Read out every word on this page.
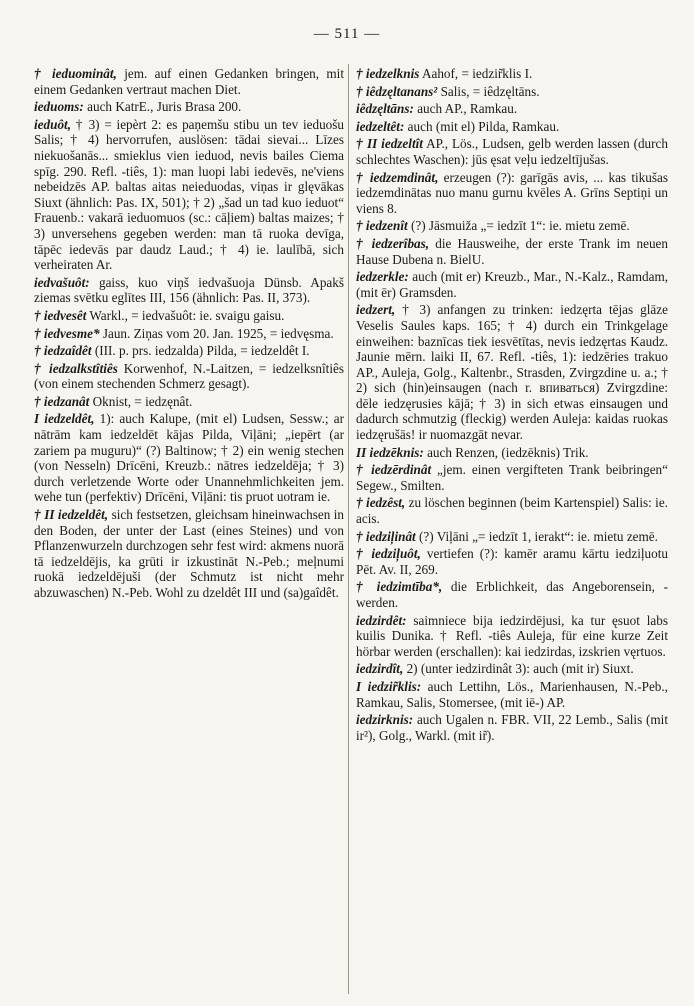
— 511 —

† ieduominât, jem. auf einen Gedanken bringen, mit einem Gedanken vertraut machen Diet.

ieduoms: auch KatrE., Juris Brasa 200.

ieduôt, † 3) = iepèrt 2: es paņemšu stibu un tev ieduošu Salis; † 4) hervorrufen, auslösen: tādai sievai... Līzes niekuošanās... smieklus vien ieduod, nevis bailes Ciema spīg. 290. Refl. -tiês, 1): man luopi labi iedevēs, ne'viens nebeidzēs AP. baltas aitas neieduodas, viņas ir glęvākas Siuxt (ähnlich: Pas. IX, 501); † 2) „šad un tad kuo ieduot“ Frauenb.: vakarā ieduomuos (sc.: cāļiem) baltas maizes; † 3) unversehens gegeben werden: man tā ruoka devīga, tāpēc iedevās par daudz Laud.; † 4) ie. laulībā, sich verheiraten Ar.

iedvašuôt: gaiss, kuo viņš iedvašuoja Dünsb. Apakš ziemas svētku eglītes III, 156 (ähnlich: Pas. II, 373).

† iedvesêt Warkl., = iedvašuôt: ie. svaigu gaisu.

† iedvesme* Jaun. Ziņas vom 20. Jan. 1925, = iedvęsma.

† iedzaîdêt (III. p. prs. iedzalda) Pilda, = iedzeldêt I.

† iedzalkstîtiês Korwenhof, N.-Laitzen, = iedzelksnîtiês (von einem stechenden Schmerz gesagt).

† iedzanât Oknist, = iedzęnât.

I iedzeldêt, 1): auch Kalupe, (mit el) Ludsen, Sessw.; ar nātrām kam iedzeldēt kājas Pilda, Viļāni; „iepērt (ar zariem pa muguru)“ (?) Baltinow; † 2) ein wenig stechen (von Nesseln) Drīcēni, Kreuzb.: nātres iedzeldēja; † 3) durch verletzende Worte oder Unannehmlichkeiten jem. wehe tun (perfektiv) Drīcēni, Viļāni: tis pruot uotram ie.

† II iedzeldêt, sich festsetzen, gleichsam hineinwachsen in den Boden, der unter der Last (eines Steines) und von Pflanzenwurzeln durchzogen sehr fest wird: akmens nuorā tā iedzeldējis, ka grūti ir izkustināt N.-Peb.; meļnumi ruokā iedzeldējuši (der Schmutz ist nicht mehr abzuwaschen) N.-Peb. Wohl zu dzeldêt III und (sa)gaîdêt.

† iedzelknis Aahof, = iedzir̃klis I.

† iêdzęltanans² Salis, = iêdzęltāns.

iêdzęltāns: auch AP., Ramkau.

iedzeltêt: auch (mit el) Pilda, Ramkau.

† II iedzeltît AP., Lös., Ludsen, gelb werden lassen (durch schlechtes Waschen): jūs ęsat veļu iedzeltījušas.

† iedzemdinât, erzeugen (?): garīgās avis, ... kas tikušas iedzemdinātas nuo manu gurnu kvēles A. Grīns Septiņi un viens 8.

† iedzenît (?) Jāsmuiža „= iedzīt 1“: ie. mietu zemē.

† iedzerîbas, die Hausweihe, der erste Trank im neuen Hause Dubena n. BielU.

iedzerkle: auch (mit er) Kreuzb., Mar., N.-Kalz., Ramdam, (mit ēr) Gramsden.

iedzert, † 3) anfangen zu trinken: iedzęrta tējas glāze Veselis Saules kaps. 165; † 4) durch ein Trinkgelage einweihen: baznīcas tiek iesvētītas, nevis iedzęrtas Kaudz. Jaunie mērn. laiki II, 67. Refl. -tiês, 1): iedzēries trakuo AP., Auleja, Golg., Kaltenbr., Strasden, Zvirgzdine u. a.; † 2) sich (hin)einsaugen (nach r. впиваться) Zvirgzdine: dēle iedzęrusies kājā; † 3) in sich etwas einsaugen und dadurch schmutzig (fleckig) werden Auleja: kaidas ruokas iedzęrušās! ir nuomazgāt nevar.

II iedzēknis: auch Renzen, (iedzēknis) Trik.

† iedzērdinât „jem. einen vergifteten Trank beibringen“ Segew., Smilten.

† iedzêst, zu löschen beginnen (beim Kartenspiel) Salis: ie. acis.

† iedziļinât (?) Viļāni „= iedzīt 1, ierakt“: ie. mietu zemē.

† iedziļuôt, vertiefen (?): kamēr aramu kārtu iedziļuotu Pēt. Av. II, 269.

† iedzimtība*, die Erblichkeit, das Angeborensein, -werden.

iedzirdêt: saimniece bija iedzirdējusi, ka tur ęsuot labs kuilis Dunika. † Refl. -tiês Auleja, für eine kurze Zeit hörbar werden (erschallen): kai iedzirdas, izskrien vęrtuos.

iedzirdît, 2) (unter iedzirdinât 3): auch (mit ir) Siuxt.

I iedzir̃klis: auch Lettihn, Lös., Marienhausen, N.-Peb., Ramkau, Salis, Stomersee, (mit iē-) AP.

iedzirknis: auch Ugalen n. FBR. VII, 22 Lemb., Salis (mit ir²), Golg., Warkl. (mit ir̃).
